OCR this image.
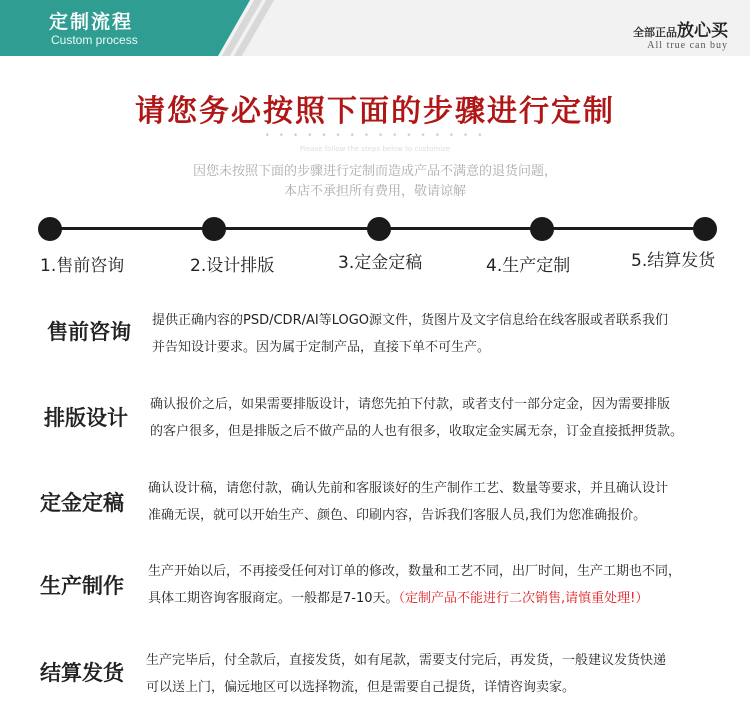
定制流程
Custom process
全部正品放心买
All true can buy
请您务必按照下面的步骤进行定制
• • • • • • • • • • • • • • • •
Please follow the steps below to customize
因您未按照下面的步骤进行定制而造成产品不满意的退货问题，
本店不承担所有费用，敬请谅解
1.售前咨询	2.设计排版	3.定金定稿	4.生产定制	5.结算发货
售前咨询 提供正确内容的PSD/CDR/AI等LOGO源文件，货图片及文字信息给在线客服或者联系我们
并告知设计要求。因为属于定制产品，直接下单不可生产。
排版设计
确认报价之后，如果需要排版设计，请您先拍下付款，或者支付一部分定金，因为需要排版
的客户很多，但是排版之后不做产品的人也有很多，收取定金实属无奈，订金直接抵押货款。
定金定稿
确认设计稿，请您付款，确认先前和客服谈好的生产制作工艺、数量等要求，并且确认设计
准确无误，就可以开始生产、颜色、印刷内容，告诉我们客服人员,我们为您准确报价。
生产制作
生产开始以后，不再接受任何对订单的修改，数量和工艺不同，出厂时间，生产工期也不同，
具体工期咨询客服商定。一般都是7-10天。（定制产品不能进行二次销售,请慎重处理!）
结算发货
生产完毕后，付全款后，直接发货，如有尾款，需要支付完后，再发货，一般建议发货快递
可以送上门，偏远地区可以选择物流，但是需要自己提货，详情咨询卖家。
